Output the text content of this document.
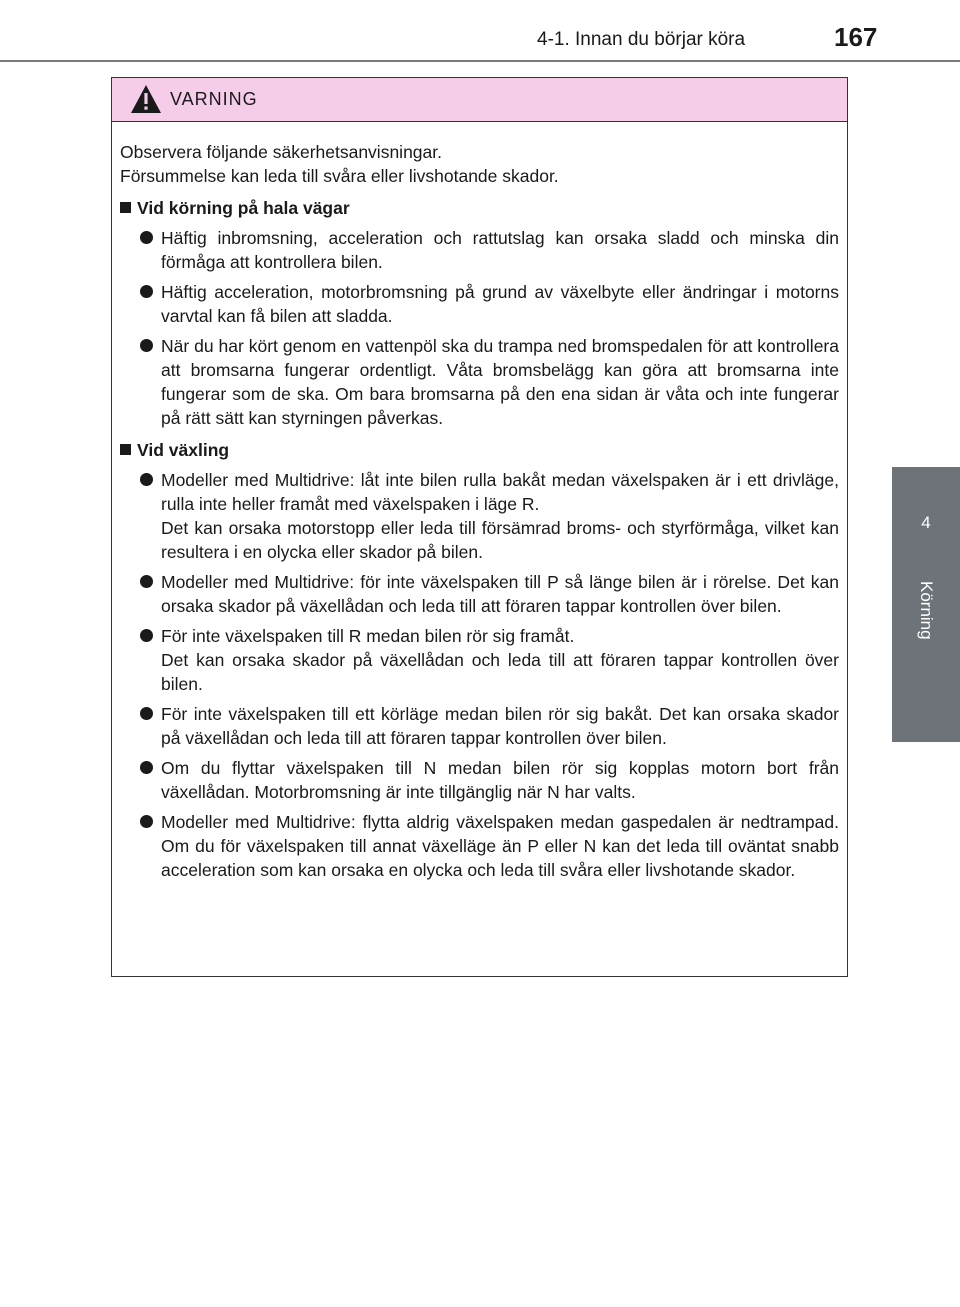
4-1. Innan du börjar köra	167
4
Körning
VARNING

Observera följande säkerhetsanvisningar.

Försummelse kan leda till svåra eller livshotande skador.

Vid körning på hala vägar
Häftig inbromsning, acceleration och rattutslag kan orsaka sladd och minska din förmåga att kontrollera bilen.
Häftig acceleration, motorbromsning på grund av växelbyte eller ändringar i motorns varvtal kan få bilen att sladda.
När du har kört genom en vattenpöl ska du trampa ned bromspedalen för att kontrollera att bromsarna fungerar ordentligt. Våta bromsbelägg kan göra att bromsarna inte fungerar som de ska. Om bara bromsarna på den ena sidan är våta och inte fungerar på rätt sätt kan styrningen påverkas.
Vid växling
Modeller med Multidrive: låt inte bilen rulla bakåt medan växelspaken är i ett drivläge, rulla inte heller framåt med växelspaken i läge R.
Det kan orsaka motorstopp eller leda till försämrad broms- och styrförmåga, vilket kan resultera i en olycka eller skador på bilen.
Modeller med Multidrive: för inte växelspaken till P så länge bilen är i rörelse. Det kan orsaka skador på växellådan och leda till att föraren tappar kontrollen över bilen.
För inte växelspaken till R medan bilen rör sig framåt.
Det kan orsaka skador på växellådan och leda till att föraren tappar kontrollen över bilen.
För inte växelspaken till ett körläge medan bilen rör sig bakåt. Det kan orsaka skador på växellådan och leda till att föraren tappar kontrollen över bilen.
Om du flyttar växelspaken till N medan bilen rör sig kopplas motorn bort från växellådan. Motorbromsning är inte tillgänglig när N har valts.
Modeller med Multidrive: flytta aldrig växelspaken medan gaspedalen är nedtrampad. Om du för växelspaken till annat växelläge än P eller N kan det leda till oväntat snabb acceleration som kan orsaka en olycka och leda till svåra eller livshotande skador.
